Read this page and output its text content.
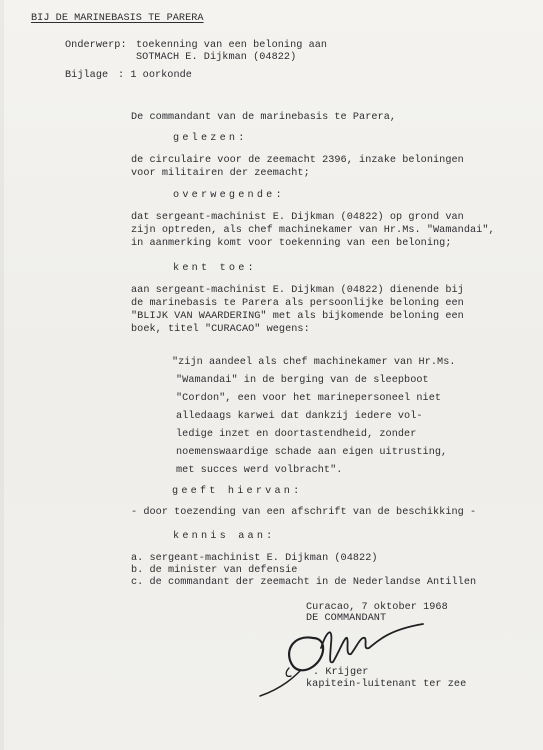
BIJ DE MARINEBASIS TE PARERA
Onderwerp: toekenning van een beloning aan
SOTMACH E. Dijkman (04822)
Bijlage : 1 oorkonde
De commandant van de marinebasis te Parera,
gelezen:
de circulaire voor de zeemacht 2396, inzake beloningen
voor militairen der zeemacht;
overwegende:
dat sergeant-machinist E. Dijkman (04822) op grond van
zijn optreden, als chef machinekamer van Hr.Ms. "Wamandai",
in aanmerking komt voor toekenning van een beloning;
kent toe:
aan sergeant-machinist E. Dijkman (04822) dienende bij
de marinebasis te Parera als persoonlijke beloning een
"BLIJK VAN WAARDERING" met als bijkomende beloning een
boek, titel "CURACAO" wegens:
"zijn aandeel als chef machinekamer van Hr.Ms.
"Wamandai" in de berging van de sleepboot
"Cordon", een voor het marinepersoneel niet
alledaags karwei dat dankzij iedere vol-
ledige inzet en doortastendheid, zonder
noemenswaardige schade aan eigen uitrusting,
met succes werd volbracht".
geeft hiervan:
- door toezending van een afschrift van de beschikking -
kennis aan:
a. sergeant-machinist E. Dijkman (04822)
b. de minister van defensie
c. de commandant der zeemacht in de Nederlandse Antillen
Curacao, 7 oktober 1968
DE COMMANDANT
. Krijger
kapitein-luitenant ter zee
